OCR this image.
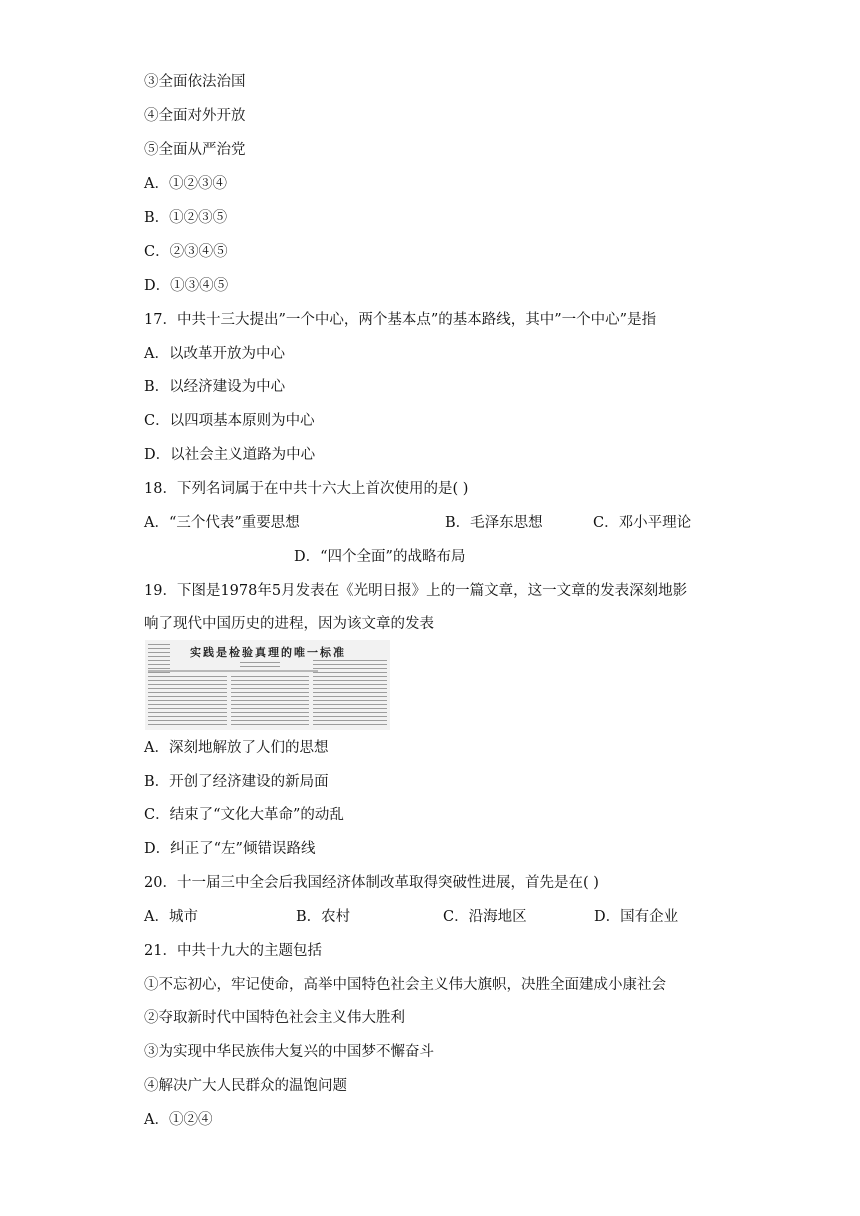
③全面依法治国
④全面对外开放
⑤全面从严治党
A．①②③④
B．①②③⑤
C．②③④⑤
D．①③④⑤
17．中共十三大提出”一个中心，两个基本点”的基本路线，其中”一个中心”是指
A．以改革开放为中心
B．以经济建设为中心
C．以四项基本原则为中心
D．以社会主义道路为中心
18．下列名词属于在中共十六大上首次使用的是( )
A．“三个代表”重要思想	B．毛泽东思想	C．邓小平理论
D．“四个全面”的战略布局
19．下图是1978年5月发表在《光明日报》上的一篇文章，这一文章的发表深刻地影
响了现代中国历史的进程，因为该文章的发表
实践是检验真理的唯一标准
A．深刻地解放了人们的思想
B．开创了经济建设的新局面
C．结束了“文化大革命”的动乱
D．纠正了“左”倾错误路线
20．十一届三中全会后我国经济体制改革取得突破性进展，首先是在( )
A．城市	B．农村	C．沿海地区	D．国有企业
21．中共十九大的主题包括
①不忘初心，牢记使命，高举中国特色社会主义伟大旗帜，决胜全面建成小康社会
②夺取新时代中国特色社会主义伟大胜利
③为实现中华民族伟大复兴的中国梦不懈奋斗
④解决广大人民群众的温饱问题
A．①②④
